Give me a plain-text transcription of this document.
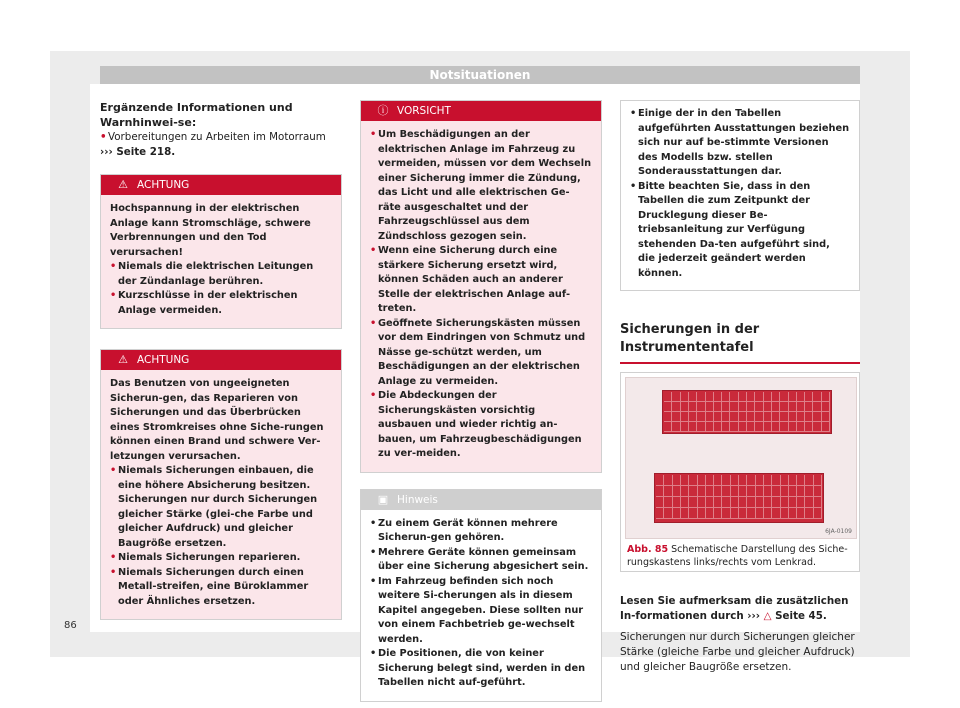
Notsituationen
Ergänzende Informationen und Warnhinwei-se:
• Vorbereitungen zu Arbeiten im Motorraum
››› Seite 218.
⚠ ACHTUNG
Hochspannung in der elektrischen Anlage kann Stromschläge, schwere Verbrennungen und den Tod verursachen!
• Niemals die elektrischen Leitungen der Zündanlage berühren.
• Kurzschlüsse in der elektrischen Anlage vermeiden.
⚠ ACHTUNG
Das Benutzen von ungeeigneten Sicherun-gen, das Reparieren von Sicherungen und das Überbrücken eines Stromkreises ohne Siche-rungen können einen Brand und schwere Ver-letzungen verursachen.
• Niemals Sicherungen einbauen, die eine höhere Absicherung besitzen. Sicherungen nur durch Sicherungen gleicher Stärke (glei-che Farbe und gleicher Aufdruck) und gleicher Baugröße ersetzen.
• Niemals Sicherungen reparieren.
• Niemals Sicherungen durch einen Metall-streifen, eine Büroklammer oder Ähnliches ersetzen.
ⓘ VORSICHT
• Um Beschädigungen an der elektrischen Anlage im Fahrzeug zu vermeiden, müssen vor dem Wechseln einer Sicherung immer die Zündung, das Licht und alle elektrischen Ge-räte ausgeschaltet und der Fahrzeugschlüssel aus dem Zündschloss gezogen sein.
• Wenn eine Sicherung durch eine stärkere Sicherung ersetzt wird, können Schäden auch an anderer Stelle der elektrischen Anlage auf-treten.
• Geöffnete Sicherungskästen müssen vor dem Eindringen von Schmutz und Nässe ge-schützt werden, um Beschädigungen an der elektrischen Anlage zu vermeiden.
• Die Abdeckungen der Sicherungskästen vorsichtig ausbauen und wieder richtig an-bauen, um Fahrzeugbeschädigungen zu ver-meiden.
▣ Hinweis
• Zu einem Gerät können mehrere Sicherun-gen gehören.
• Mehrere Geräte können gemeinsam über eine Sicherung abgesichert sein.
• Im Fahrzeug befinden sich noch weitere Si-cherungen als in diesem Kapitel angegeben. Diese sollten nur von einem Fachbetrieb ge-wechselt werden.
• Die Positionen, die von keiner Sicherung belegt sind, werden in den Tabellen nicht auf-geführt.
• Einige der in den Tabellen aufgeführten Ausstattungen beziehen sich nur auf be-stimmte Versionen des Modells bzw. stellen Sonderausstattungen dar.
• Bitte beachten Sie, dass in den Tabellen die zum Zeitpunkt der Drucklegung dieser Be-triebsanleitung zur Verfügung stehenden Da-ten aufgeführt sind, die jederzeit geändert werden können.
Sicherungen in der Instrumententafel
6JA-0109
Abb. 85 Schematische Darstellung des Siche-rungskastens links/rechts vom Lenkrad.
Lesen Sie aufmerksam die zusätzlichen In-formationen durch ››› △ Seite 45.
Sicherungen nur durch Sicherungen gleicher Stärke (gleiche Farbe und gleicher Aufdruck) und gleicher Baugröße ersetzen.
86
